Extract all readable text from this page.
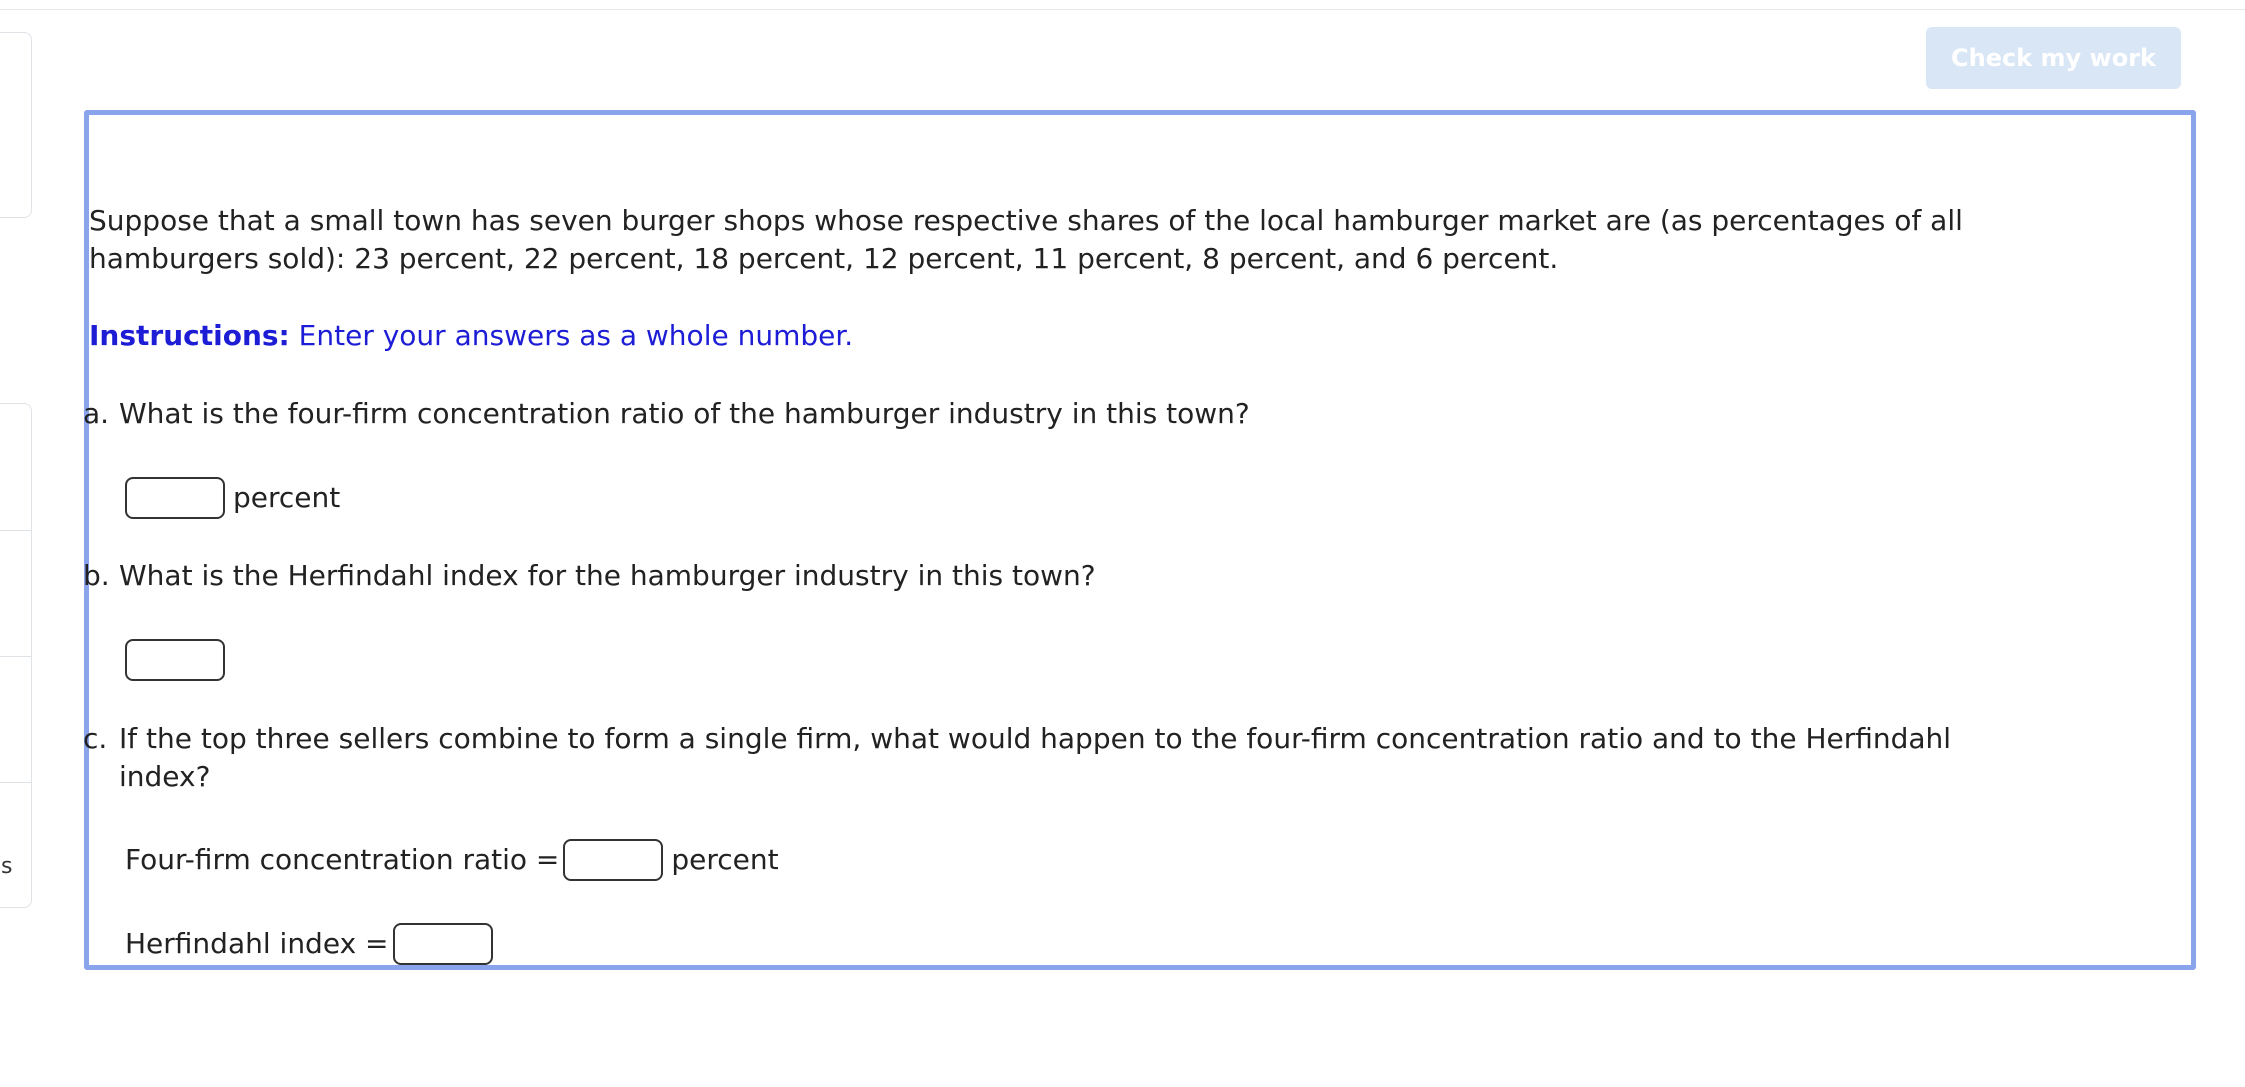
s
Check my work

Suppose that a small town has seven burger shops whose respective shares of the local hamburger market are (as percentages of all hamburgers sold): 23 percent, 22 percent, 18 percent, 12 percent, 11 percent, 8 percent, and 6 percent.

Instructions: Enter your answers as a whole number.

a. What is the four-firm concentration ratio of the hamburger industry in this town?

percent

b. What is the Herfindahl index for the hamburger industry in this town?

c. If the top three sellers combine to form a single firm, what would happen to the four-firm concentration ratio and to the Herfindahl index?

Four-firm concentration ratio =	percent
Herfindahl index =
